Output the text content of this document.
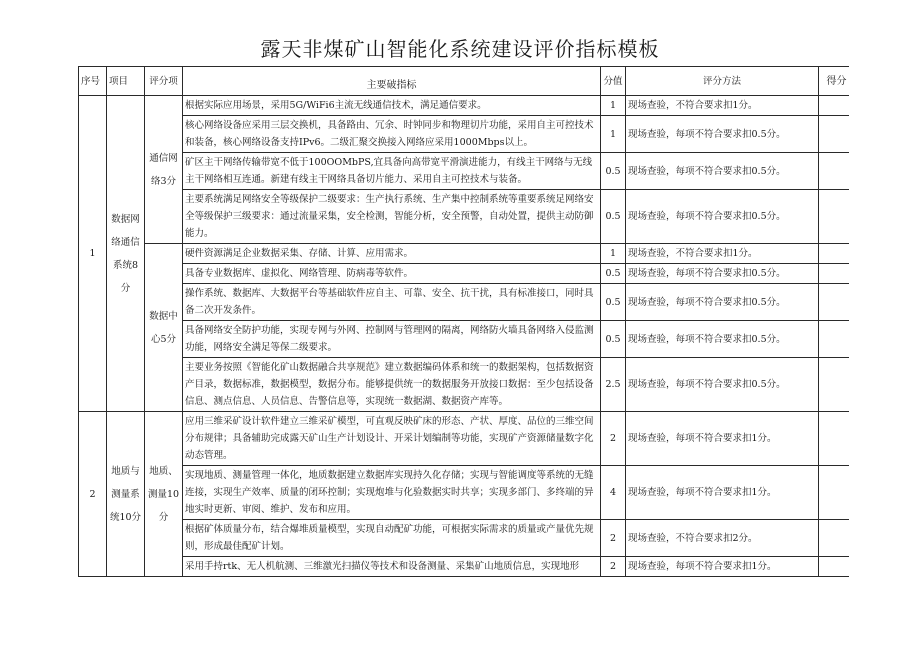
露天非煤矿山智能化系统建设评价指标模板
序号	项目	评分项	主要破指标	分值	评分方法	得分
1	数据网络通信系统8分	通信网络3分	根据实际应用场景，采用5G/WiFi6主流无线通信技术，满足通信要求。	1	现场查验，不符合要求扣1分。	
			核心网络设备应采用三层交换机，具备路由、冗余、时钟同步和物理切片功能，采用自主可控技术和装备，核心网络设备支持IPv6。二级汇聚交换接入网络应采用1000Mbps以上。	1	现场查验，每项不符合要求扣0.5分。	
			矿区主干网络传输带宽不低于100OOMbPS,宜具备向高带宽平滑演进能力，有线主干网络与无线主干网络相互连通。新建有线主干网络具备切片能力、采用自主可控技术与装备。	0.5	现场查验，每项不符合要求扣0.5分。	
			主要系统满足网络安全等级保护二级要求：生产执行系统、生产集中控制系统等重要系统足网络安全等级保护三级要求：通过流量采集，安全检测，智能分析，安全预警，自动处置，提供主动防御能力。	0.5	现场查验，每项不符合要求扣0.5分。	
		数据中心5分	硬件资源满足企业数据采集、存储、计算、应用需求。	1	现场查验，不符合要求扣1分。	
			具备专业数据库、虚拟化、网络管理、防病毒等软件。	0.5	现场查验，每项不符合要求扣0.5分。	
			操作系统、数据库、大数据平台等基础软件应自主、可靠、安全、抗干扰，具有标准接口，同时具备二次开发条件。	0.5	现场查验，每项不符合要求扣0.5分。	
			具备网络安全防护功能，实现专网与外网、控制网与管理网的隔离，网络防火墙具备网络入侵监测功能，网络安全满足等保二级要求。	0.5	现场查验，每项不符合要求扣0.5分。	
			主要业务按照《智能化矿山数据融合共享规范》建立数据编码体系和统一的数据架构，包括数据资产目录，数据标准，数据模型，数据分布。能够提供统一的数据服务开放接口数据：至少包括设备信息、测点信息、人员信息、告警信息等，实现统一数据湖、数据资产库等。	2.5	现场查验，每项不符合要求扣0.5分。	
2	地质与测量系统10分	地质、测量10分	应用三维采矿设计软件建立三维采矿模型，可直观反映矿床的形态、产状、厚度、品位的三维空间分布规律；具备辅助完成露天矿山生产计划设计、开采计划编制等功能，实现矿产资源储量数字化动态管理。	2	现场查验，每项不符合要求扣1分。	
			实现地质、测量管理一体化，地质数据建立数据库实现持久化存储；实现与智能调度等系统的无缝连接，实现生产效率、质量的闭环控制；实现炮堆与化验数据实时共享；实现多部门、多终端的异地实时更新、审阅、维护、发布和应用。	4	现场查验，每项不符合要求扣1分。	
			根据矿体质量分布，结合爆堆质量模型，实现自动配矿功能，可根据实际需求的质量或产量优先规则，形成最佳配矿计划。	2	现场查验，不符合要求扣2分。	
			采用手持rtk、无人机航测、三维激光扫描仪等技术和设备测量、采集矿山地质信息，实现地形	2	现场查验，每项不符合要求扣1分。	
